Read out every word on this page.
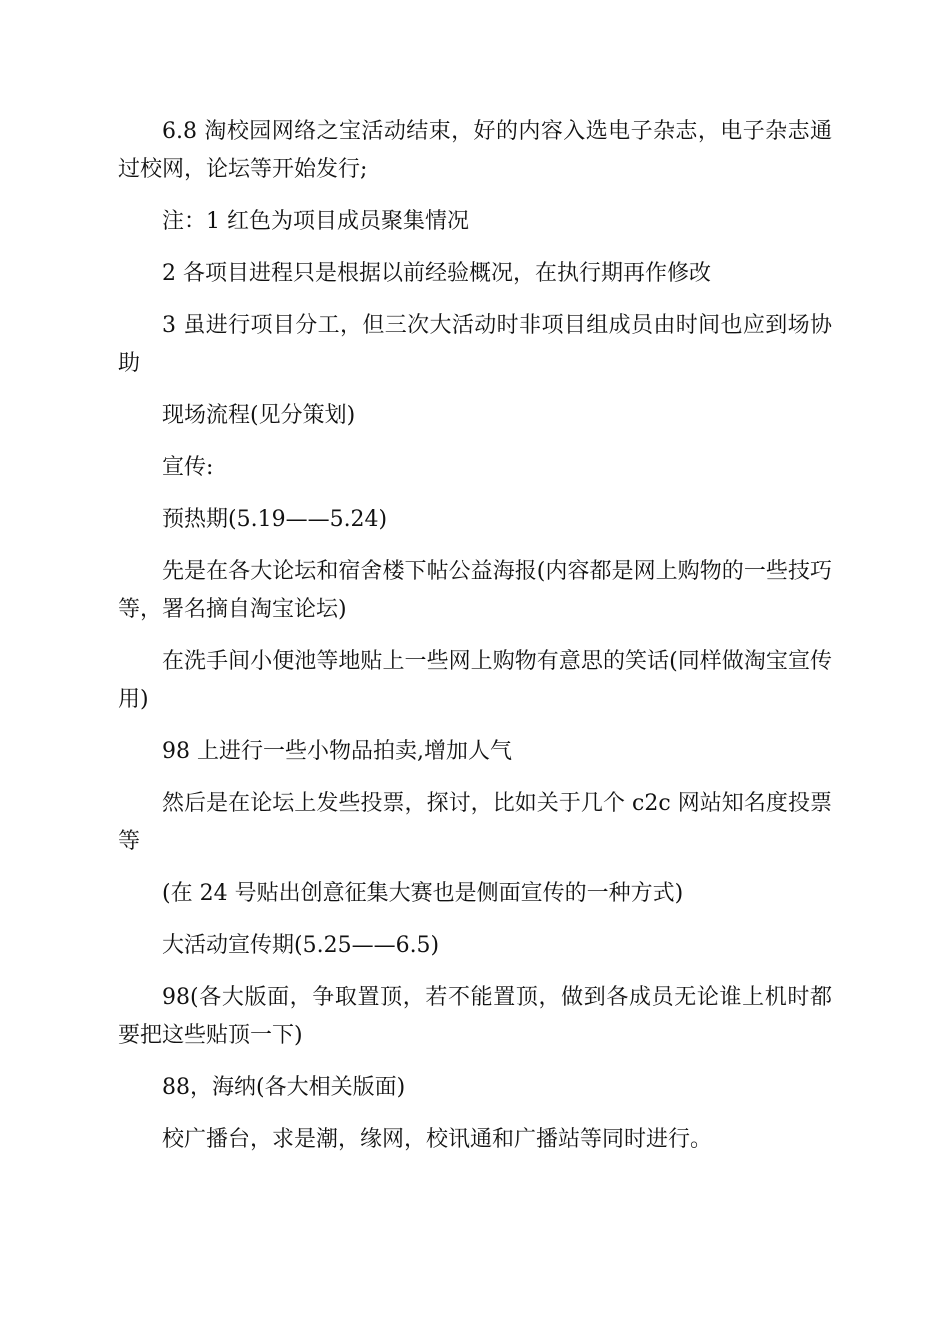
6.8 淘校园网络之宝活动结束，好的内容入选电子杂志，电子杂志通过校网，论坛等开始发行;

注：1 红色为项目成员聚集情况

2 各项目进程只是根据以前经验概况，在执行期再作修改

3 虽进行项目分工，但三次大活动时非项目组成员由时间也应到场协助

现场流程(见分策划)

宣传:

预热期(5.19——5.24)

先是在各大论坛和宿舍楼下帖公益海报(内容都是网上购物的一些技巧等，署名摘自淘宝论坛)

在洗手间小便池等地贴上一些网上购物有意思的笑话(同样做淘宝宣传用)

98 上进行一些小物品拍卖,增加人气

然后是在论坛上发些投票，探讨，比如关于几个 c2c 网站知名度投票等

(在 24 号贴出创意征集大赛也是侧面宣传的一种方式)

大活动宣传期(5.25——6.5)

98(各大版面，争取置顶，若不能置顶，做到各成员无论谁上机时都要把这些贴顶一下)

88，海纳(各大相关版面)

校广播台，求是潮，缘网，校讯通和广播站等同时进行。
